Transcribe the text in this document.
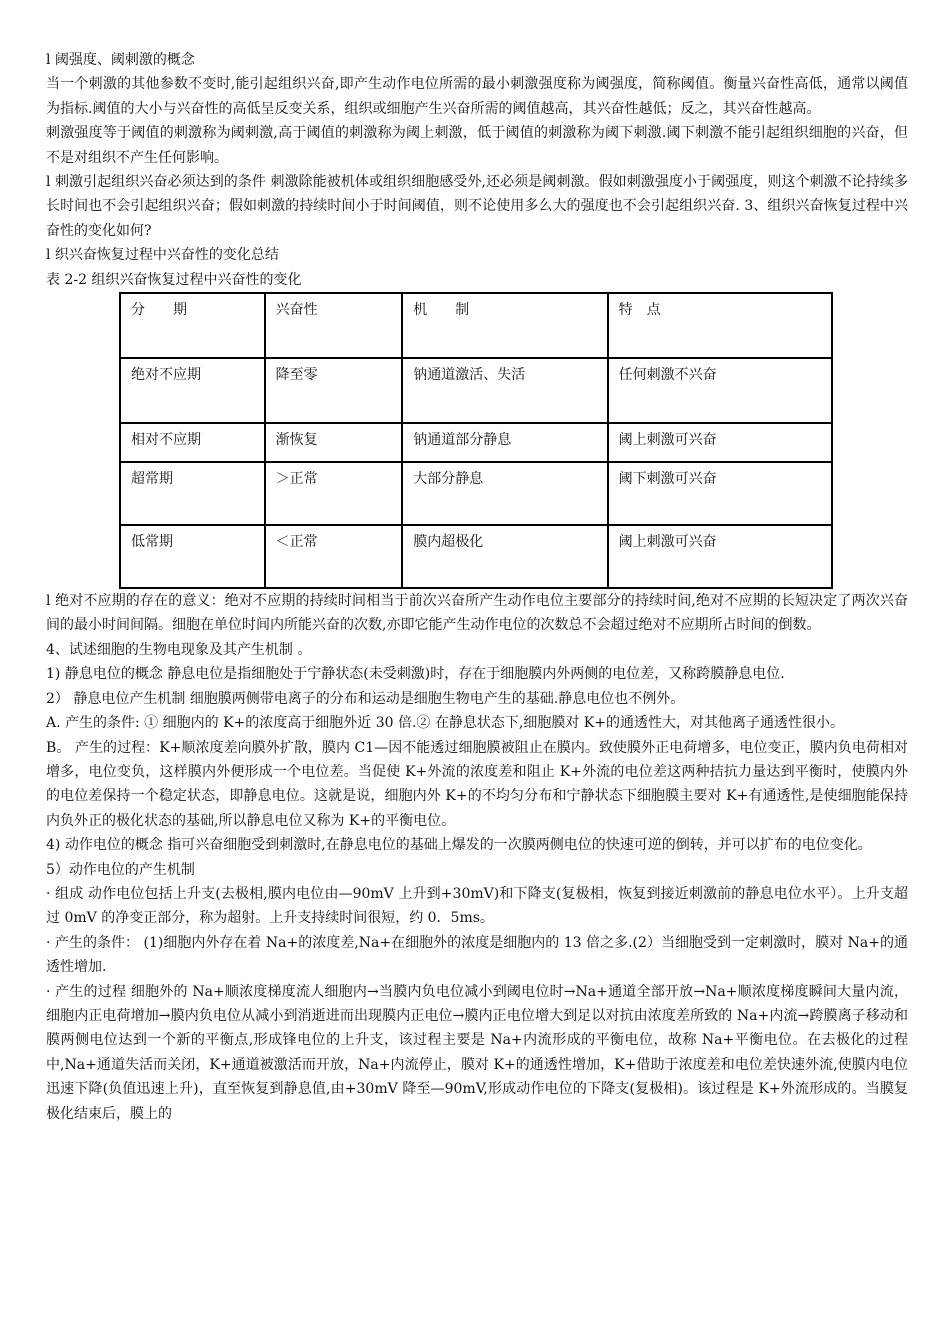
l 阈强度、阈刺激的概念

当一个刺激的其他参数不变时,能引起组织兴奋,即产生动作电位所需的最小刺激强度称为阈强度，简称阈值。衡量兴奋性高低，通常以阈值为指标.阈值的大小与兴奋性的高低呈反变关系，组织或细胞产生兴奋所需的阈值越高，其兴奋性越低；反之，其兴奋性越高。

刺激强度等于阈值的刺激称为阈刺激,高于阈值的刺激称为阈上刺激，低于阈值的刺激称为阈下刺激.阈下刺激不能引起组织细胞的兴奋，但不是对组织不产生任何影响。

l 刺激引起组织兴奋必须达到的条件 刺激除能被机体或组织细胞感受外,还必须是阈刺激。假如刺激强度小于阈强度，则这个刺激不论持续多长时间也不会引起组织兴奋；假如刺激的持续时间小于时间阈值，则不论使用多么大的强度也不会引起组织兴奋. 3、组织兴奋恢复过程中兴奋性的变化如何?

l 织兴奋恢复过程中兴奋性的变化总结

表 2-2 组织兴奋恢复过程中兴奋性的变化

分　　期	兴奋性	机　　制	特　点
绝对不应期	降至零	钠通道激活、失活	任何刺激不兴奋
相对不应期	渐恢复	钠通道部分静息	阈上刺激可兴奋
超常期	＞正常	大部分静息	阈下刺激可兴奋
低常期	＜正常	膜内超极化	阈上刺激可兴奋

l 绝对不应期的存在的意义：绝对不应期的持续时间相当于前次兴奋所产生动作电位主要部分的持续时间,绝对不应期的长短决定了两次兴奋间的最小时间间隔。细胞在单位时间内所能兴奋的次数,亦即它能产生动作电位的次数总不会超过绝对不应期所占时间的倒数。

4、试述细胞的生物电现象及其产生机制 。

1) 静息电位的概念 静息电位是指细胞处于宁静状态(未受刺激)时，存在于细胞膜内外两侧的电位差，又称跨膜静息电位.

2） 静息电位产生机制 细胞膜两侧带电离子的分布和运动是细胞生物电产生的基础.静息电位也不例外。

A. 产生的条件: ① 细胞内的 K+的浓度高于细胞外近 30 倍.② 在静息状态下,细胞膜对 K+的通透性大，对其他离子通透性很小。

B。 产生的过程：K+顺浓度差向膜外扩散，膜内 C1—因不能透过细胞膜被阻止在膜内。致使膜外正电荷增多，电位变正，膜内负电荷相对增多，电位变负，这样膜内外便形成一个电位差。当促使 K+外流的浓度差和阻止 K+外流的电位差这两种拮抗力量达到平衡时，使膜内外的电位差保持一个稳定状态，即静息电位。这就是说，细胞内外 K+的不均匀分布和宁静状态下细胞膜主要对 K+有通透性,是使细胞能保持内负外正的极化状态的基础,所以静息电位又称为 K+的平衡电位。

4) 动作电位的概念 指可兴奋细胞受到刺激时,在静息电位的基础上爆发的一次膜两侧电位的快速可逆的倒转，并可以扩布的电位变化。

5）动作电位的产生机制

· 组成 动作电位包括上升支(去极相,膜内电位由—90mV 上升到+30mV)和下降支(复极相，恢复到接近刺激前的静息电位水平）。上升支超过 0mV 的净变正部分，称为超射。上升支持续时间很短，约 0．5ms。

· 产生的条件： (1)细胞内外存在着 Na+的浓度差,Na+在细胞外的浓度是细胞内的 13 倍之多.(2）当细胞受到一定刺激时，膜对 Na+的通透性增加.

· 产生的过程 细胞外的 Na+顺浓度梯度流人细胞内→当膜内负电位减小到阈电位时→Na+通道全部开放→Na+顺浓度梯度瞬间大量内流，细胞内正电荷增加→膜内负电位从减小到消逝进而出现膜内正电位→膜内正电位增大到足以对抗由浓度差所致的 Na+内流→跨膜离子移动和膜两侧电位达到一个新的平衡点,形成锋电位的上升支，该过程主要是 Na+内流形成的平衡电位，故称 Na+平衡电位。在去极化的过程中,Na+通道失活而关闭，K+通道被激活而开放，Na+内流停止，膜对 K+的通透性增加，K+借助于浓度差和电位差快速外流,使膜内电位迅速下降(负值迅速上升)，直至恢复到静息值,由+30mV 降至—90mV,形成动作电位的下降支(复极相)。该过程是 K+外流形成的。当膜复极化结束后，膜上的
